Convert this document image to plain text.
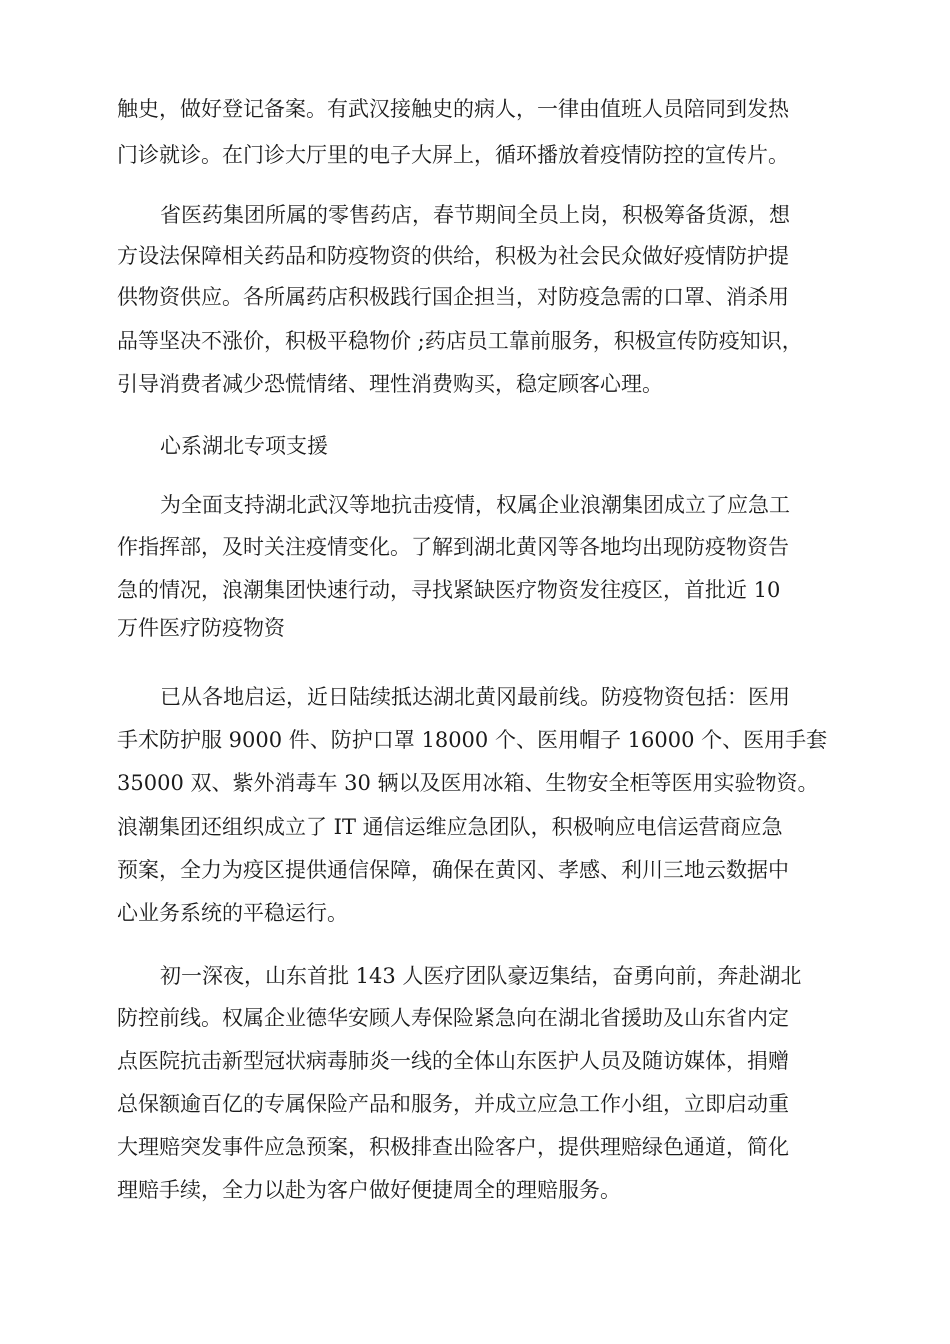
触史，做好登记备案。有武汉接触史的病人，一律由值班人员陪同到发热

门诊就诊。在门诊大厅里的电子大屏上，循环播放着疫情防控的宣传片。

省医药集团所属的零售药店，春节期间全员上岗，积极筹备货源，想

方设法保障相关药品和防疫物资的供给，积极为社会民众做好疫情防护提

供物资供应。各所属药店积极践行国企担当，对防疫急需的口罩、消杀用

品等坚决不涨价，积极平稳物价 ;药店员工靠前服务，积极宣传防疫知识，

引导消费者减少恐慌情绪、理性消费购买，稳定顾客心理。

心系湖北专项支援

为全面支持湖北武汉等地抗击疫情，权属企业浪潮集团成立了应急工

作指挥部，及时关注疫情变化。了解到湖北黄冈等各地均出现防疫物资告

急的情况，浪潮集团快速行动，寻找紧缺医疗物资发往疫区，首批近 10

万件医疗防疫物资

已从各地启运，近日陆续抵达湖北黄冈最前线。防疫物资包括：医用

手术防护服 9000 件、防护口罩 18000 个、医用帽子 16000 个、医用手套

35000 双、紫外消毒车 30 辆以及医用冰箱、生物安全柜等医用实验物资。

浪潮集团还组织成立了 IT 通信运维应急团队，积极响应电信运营商应急

预案，全力为疫区提供通信保障，确保在黄冈、孝感、利川三地云数据中

心业务系统的平稳运行。

初一深夜，山东首批 143 人医疗团队豪迈集结，奋勇向前，奔赴湖北

防控前线。权属企业德华安顾人寿保险紧急向在湖北省援助及山东省内定

点医院抗击新型冠状病毒肺炎一线的全体山东医护人员及随访媒体，捐赠

总保额逾百亿的专属保险产品和服务，并成立应急工作小组，立即启动重

大理赔突发事件应急预案，积极排查出险客户，提供理赔绿色通道，简化

理赔手续，全力以赴为客户做好便捷周全的理赔服务。
